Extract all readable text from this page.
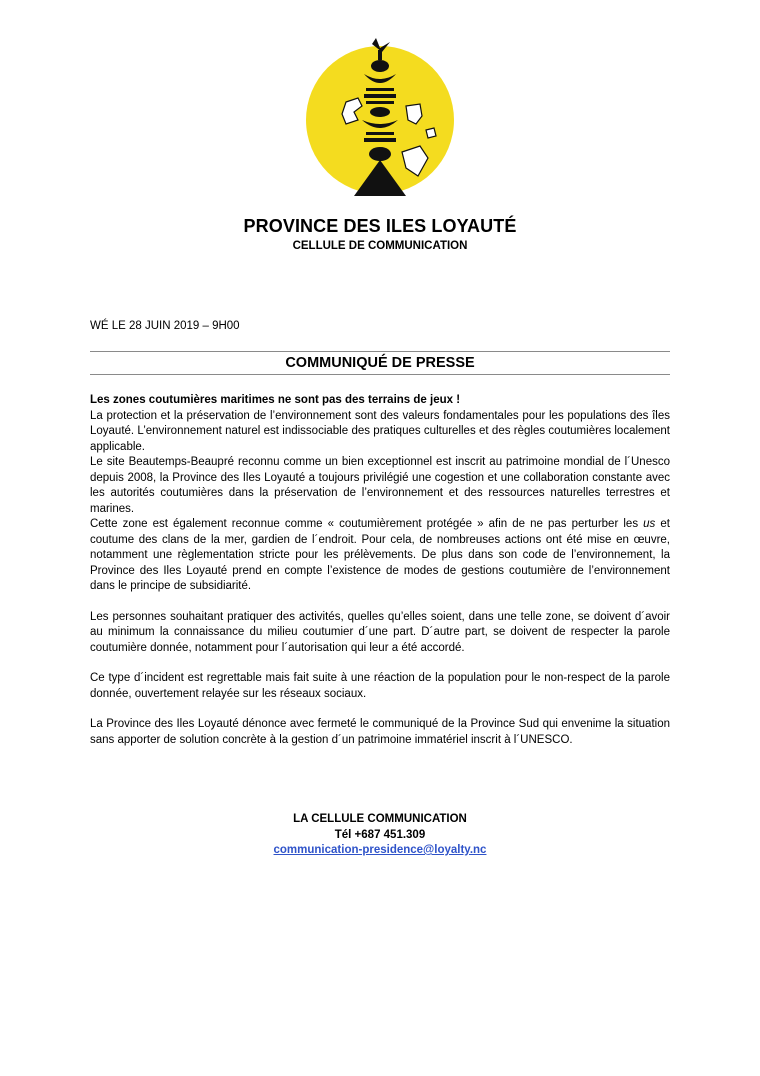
PROVINCE DES ILES LOYAUTÉ
CELLULE DE COMMUNICATION
WÉ LE 28 JUIN 2019 – 9H00
COMMUNIQUÉ DE PRESSE

Les zones coutumières maritimes ne sont pas des terrains de jeux !

La protection et la préservation de l’environnement sont des valeurs fondamentales pour les populations des îles Loyauté. L’environnement naturel est indissociable des pratiques culturelles et des règles coutumières localement applicable.

Le site Beautemps-Beaupré reconnu comme un bien exceptionnel est inscrit au patrimoine mondial de l´Unesco depuis 2008, la Province des Iles Loyauté a toujours privilégié une cogestion et une collaboration constante avec les autorités coutumières dans la préservation de l’environnement et des ressources naturelles terrestres et marines.

Cette zone est également reconnue comme « coutumièrement protégée » afin de ne pas perturber les us et coutume des clans de la mer, gardien de l´endroit. Pour cela, de nombreuses actions ont été mise en œuvre, notamment une règlementation stricte pour les prélèvements. De plus dans son code de l’environnement, la Province des Iles Loyauté prend en compte l’existence de modes de gestions coutumière de l’environnement dans le principe de subsidiarité.

Les personnes souhaitant pratiquer des activités, quelles qu’elles soient, dans une telle zone, se doivent d´avoir au minimum la connaissance du milieu coutumier d´une part. D´autre part, se doivent de respecter la parole coutumière donnée, notamment pour l´autorisation qui leur a été accordé.

Ce type d´incident est regrettable mais fait suite à une réaction de la population pour le non-respect de la parole donnée, ouvertement relayée sur les réseaux sociaux.

La Province des Iles Loyauté dénonce avec fermeté le communiqué de la Province Sud qui envenime la situation sans apporter de solution concrète à la gestion d´un patrimoine immatériel inscrit à l´UNESCO.

LA CELLULE COMMUNICATION
Tél +687 451.309
communication-presidence@loyalty.nc
